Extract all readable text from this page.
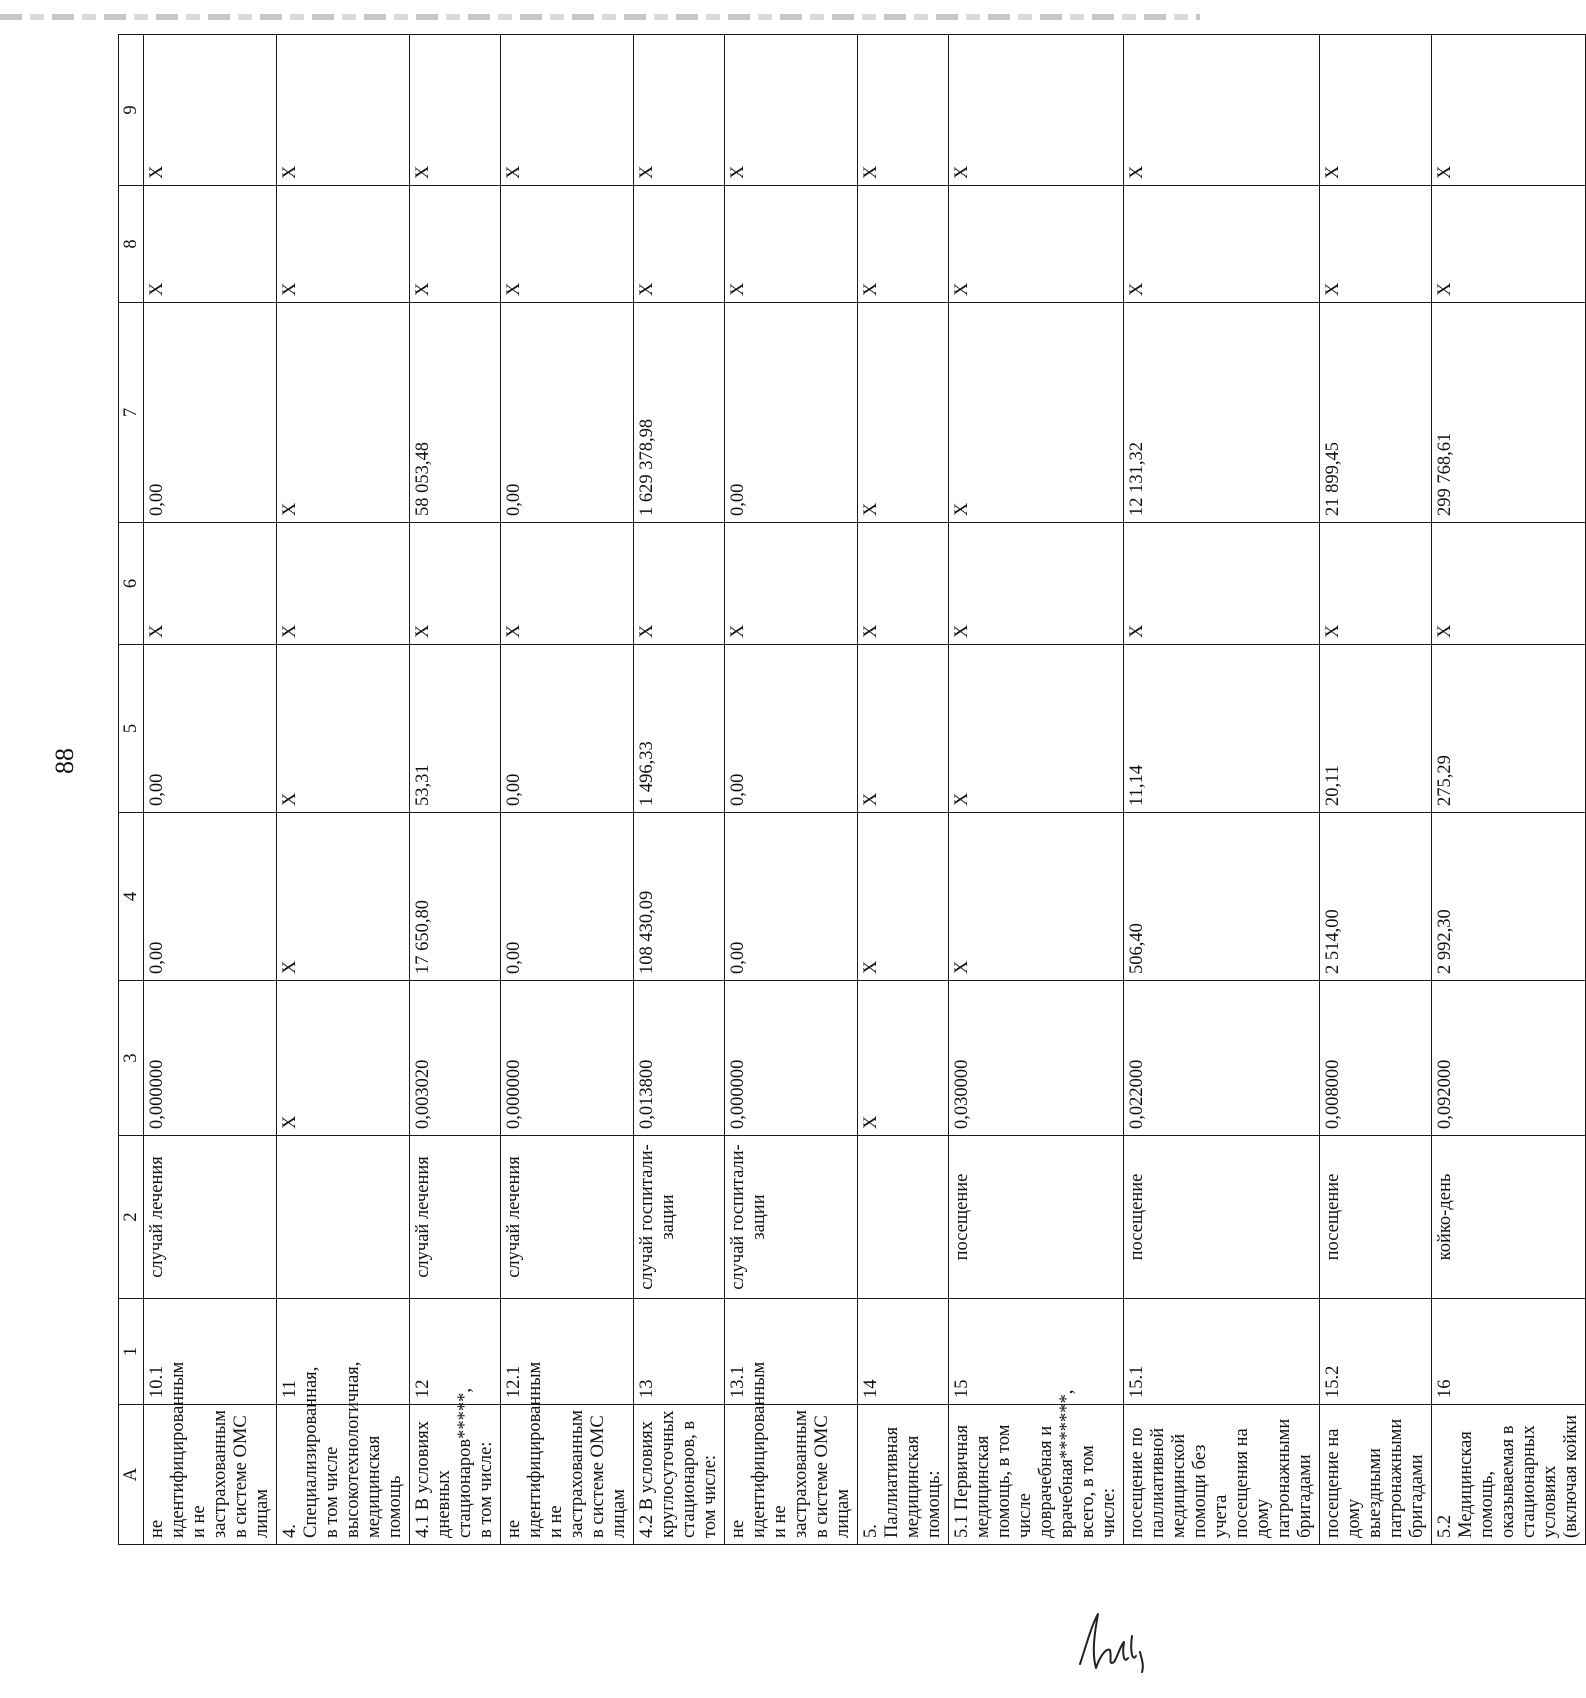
88
А	1	2	3	4	5	6	7	8	9
не идентифицированным и не застрахованным в системе ОМС лицам	10.1	случай лечения	0,000000	0,00	0,00	X	0,00	X	X
4. Специализированная, в том числе высокотехнологичная, медицинская помощь	11		X	X	X	X	X	X	X
4.1 В условиях дневных стационаров*****, в том числе:	12	случай лечения	0,003020	17 650,80	53,31	X	58 053,48	X	X
не идентифицированным и не застрахованным в системе ОМС лицам	12.1	случай лечения	0,000000	0,00	0,00	X	0,00	X	X
4.2 В условиях круглосуточных стационаров, в том числе:	13	случай госпитали-зации	0,013800	108 430,09	1 496,33	X	1 629 378,98	X	X
не идентифицированным и не застрахованным в системе ОМС лицам	13.1	случай госпитали-зации	0,000000	0,00	0,00	X	0,00	X	X
5. Паллиативная медицинская помощь:	14		X	X	X	X	X	X	X
5.1 Первичная медицинская помощь, в том числе доврачебная и врачебная*******, всего, в том числе:	15	посещение	0,030000	X	X	X	X	X	X
посещение по паллиативной медицинской помощи без учета посещения на дому патронажными бригадами	15.1	посещение	0,022000	506,40	11,14	X	12 131,32	X	X
посещение на дому выездными патронажными бригадами	15.2	посещение	0,008000	2 514,00	20,11	X	21 899,45	X	X
5.2 Медицинская помощь, оказываемая в стационарных условиях (включая койки	16	койко-день	0,092000	2 992,30	275,29	X	299 768,61	X	X
